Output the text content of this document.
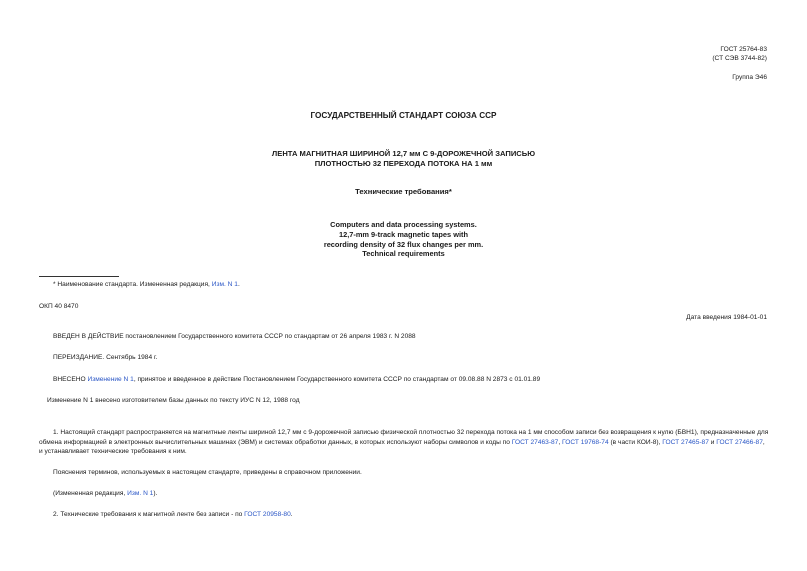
ГОСТ 25764-83
(СТ СЭВ 3744-82)
Группа Э46
ГОСУДАРСТВЕННЫЙ СТАНДАРТ СОЮЗА ССР
ЛЕНТА МАГНИТНАЯ ШИРИНОЙ 12,7 мм С 9-ДОРОЖЕЧНОЙ ЗАПИСЬЮ
ПЛОТНОСТЬЮ 32 ПЕРЕХОДА ПОТОКА НА 1 мм
Технические требования*
Computers and data processing systems.
12,7-mm 9-track magnetic tapes with
recording density of 32 flux changes per mm.
Technical requirements
* Наименование стандарта. Измененная редакция, Изм. N 1.
ОКП 40 8470
Дата введения 1984-01-01
ВВЕДЕН В ДЕЙСТВИЕ постановлением Государственного комитета СССР по стандартам от 26 апреля 1983 г. N 2088
ПЕРЕИЗДАНИЕ. Сентябрь 1984 г.
ВНЕСЕНО Изменение N 1, принятое и введенное в действие Постановлением Государственного комитета СССР по стандартам от 09.08.88 N 2873 с 01.01.89
Изменение N 1 внесено изготовителем базы данных по тексту ИУС N 12, 1988 год
1. Настоящий стандарт распространяется на магнитные ленты шириной 12,7 мм с 9-дорожечной записью физической плотностью 32 перехода потока на 1 мм способом записи без возвращения к нулю (БВН1), предназначенные для обмена информацией в электронных вычислительных машинах (ЭВМ) и системах обработки данных, в которых используют наборы символов и коды по ГОСТ 27463-87, ГОСТ 19768-74 (в части КОИ-8), ГОСТ 27465-87 и ГОСТ 27466-87, и устанавливает технические требования к ним.
Пояснения терминов, используемых в настоящем стандарте, приведены в справочном приложении.
(Измененная редакция, Изм. N 1).
2. Технические требования к магнитной ленте без записи - по ГОСТ 20958-80.
